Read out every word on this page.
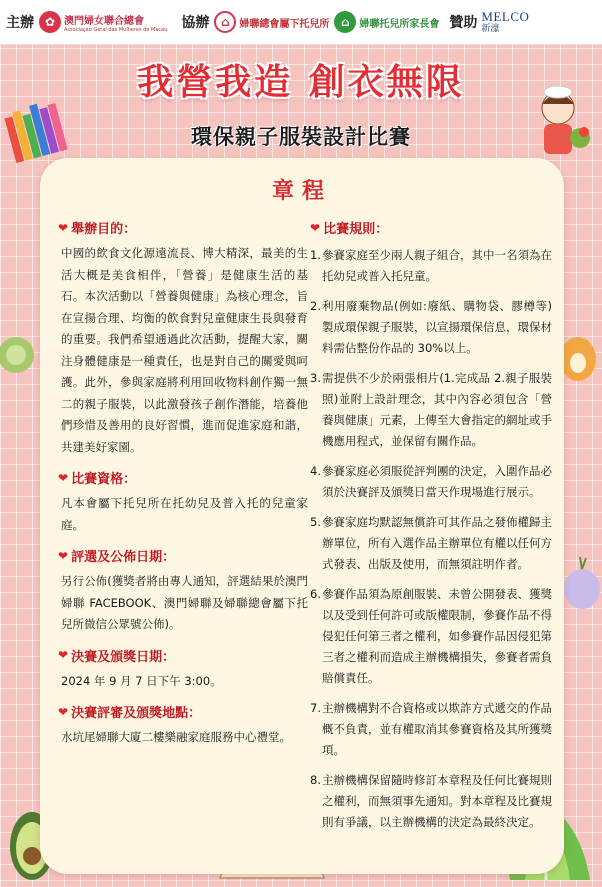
主辦 ✿ 澳門婦女聯合總會
Associação Geral das Mulheres de Macau 協辦 ⌂ 婦聯總會屬下托兒所 ⌂ 婦聯托兒所家長會 贊助 MELCO
新濠
我營我造 創衣無限
環保親子服裝設計比賽
章程
❤ 舉辦目的：
中國的飲食文化源遠流長、博大精深，最美的生活大概是美食相伴，「營養」是健康生活的基石。本次活動以「營養與健康」為核心理念，旨在宣揚合理、均衡的飲食對兒童健康生長與發育的重要。我們希望通過此次活動，提醒大家，關注身體健康是一種責任，也是對自己的關愛與呵護。此外，參與家庭將利用回收物料創作獨一無二的親子服裝，以此激發孩子創作潛能，培養他們珍惜及善用的良好習慣，進而促進家庭和諧，共建美好家園。
❤ 比賽資格：
凡本會屬下托兒所在托幼兒及普入托的兒童家庭。
❤ 評選及公佈日期：
另行公佈(獲獎者將由專人通知，評選結果於澳門婦聯 FACEBOOK、澳門婦聯及婦聯總會屬下托兒所微信公眾號公佈)。
❤ 決賽及頒獎日期：
2024 年 9 月 7 日下午 3:00。
❤ 決賽評審及頒獎地點：
水坑尾婦聯大廈二樓樂融家庭服務中心禮堂。
❤ 比賽規則：
1. 參賽家庭至少兩人親子組合，其中一名須為在托幼兒或普入托兒童。
2. 利用廢棄物品(例如:廢紙、購物袋、膠樽等)製成環保親子服裝，以宣揚環保信息，環保材料需佔整份作品的 30%以上。
3. 需提供不少於兩張相片(1.完成品 2.親子服裝照)並附上設計理念，其中內容必須包含「營養與健康」元素，上傳至大會指定的網址或手機應用程式，並保留有關作品。
4. 參賽家庭必須服從評判團的決定，入圍作品必須於決賽評及頒獎日當天作現場進行展示。
5. 參賽家庭均默認無償許可其作品之發佈權歸主辦單位，所有入選作品主辦單位有權以任何方式發表、出版及使用，而無須註明作者。
6. 參賽作品須為原創服裝、未曾公開發表、獲獎以及受到任何許可或版權限制，參賽作品不得侵犯任何第三者之權利，如參賽作品因侵犯第三者之權利而造成主辦機構損失，參賽者需負賠償責任。
7. 主辦機構對不合資格或以欺詐方式遞交的作品概不負責，並有權取消其參賽資格及其所獲獎項。
8. 主辦機構保留隨時修訂本章程及任何比賽規則之權利，而無須事先通知。對本章程及比賽規則有爭議，以主辦機構的決定為最終決定。
